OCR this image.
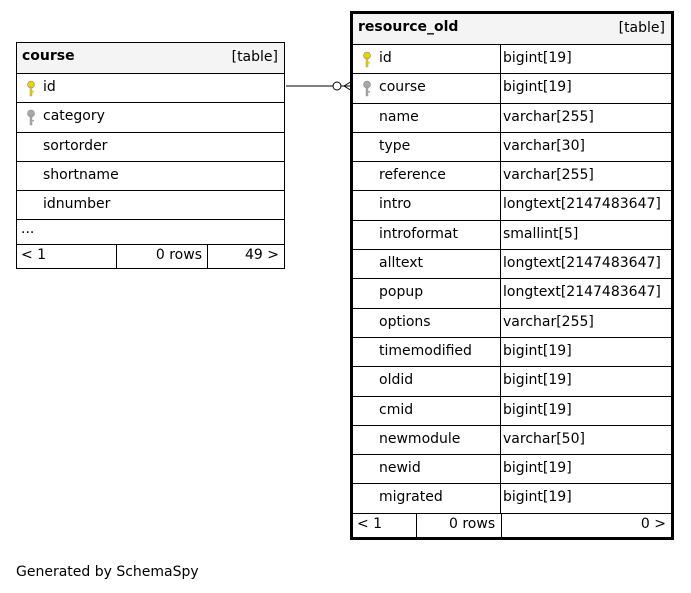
course	[table]
id
category
sortorder
shortname
idnumber
...
< 1	0 rows	49 >
resource_old	[table]
id	bigint[19]
course	bigint[19]
name	varchar[255]
type	varchar[30]
reference	varchar[255]
intro	longtext[2147483647]
introformat	smallint[5]
alltext	longtext[2147483647]
popup	longtext[2147483647]
options	varchar[255]
timemodified bigint[19]
oldid	bigint[19]
cmid	bigint[19]
newmodule	varchar[50]
newid	bigint[19]
migrated	bigint[19]
< 1	0 rows	0 >
Generated by SchemaSpy
